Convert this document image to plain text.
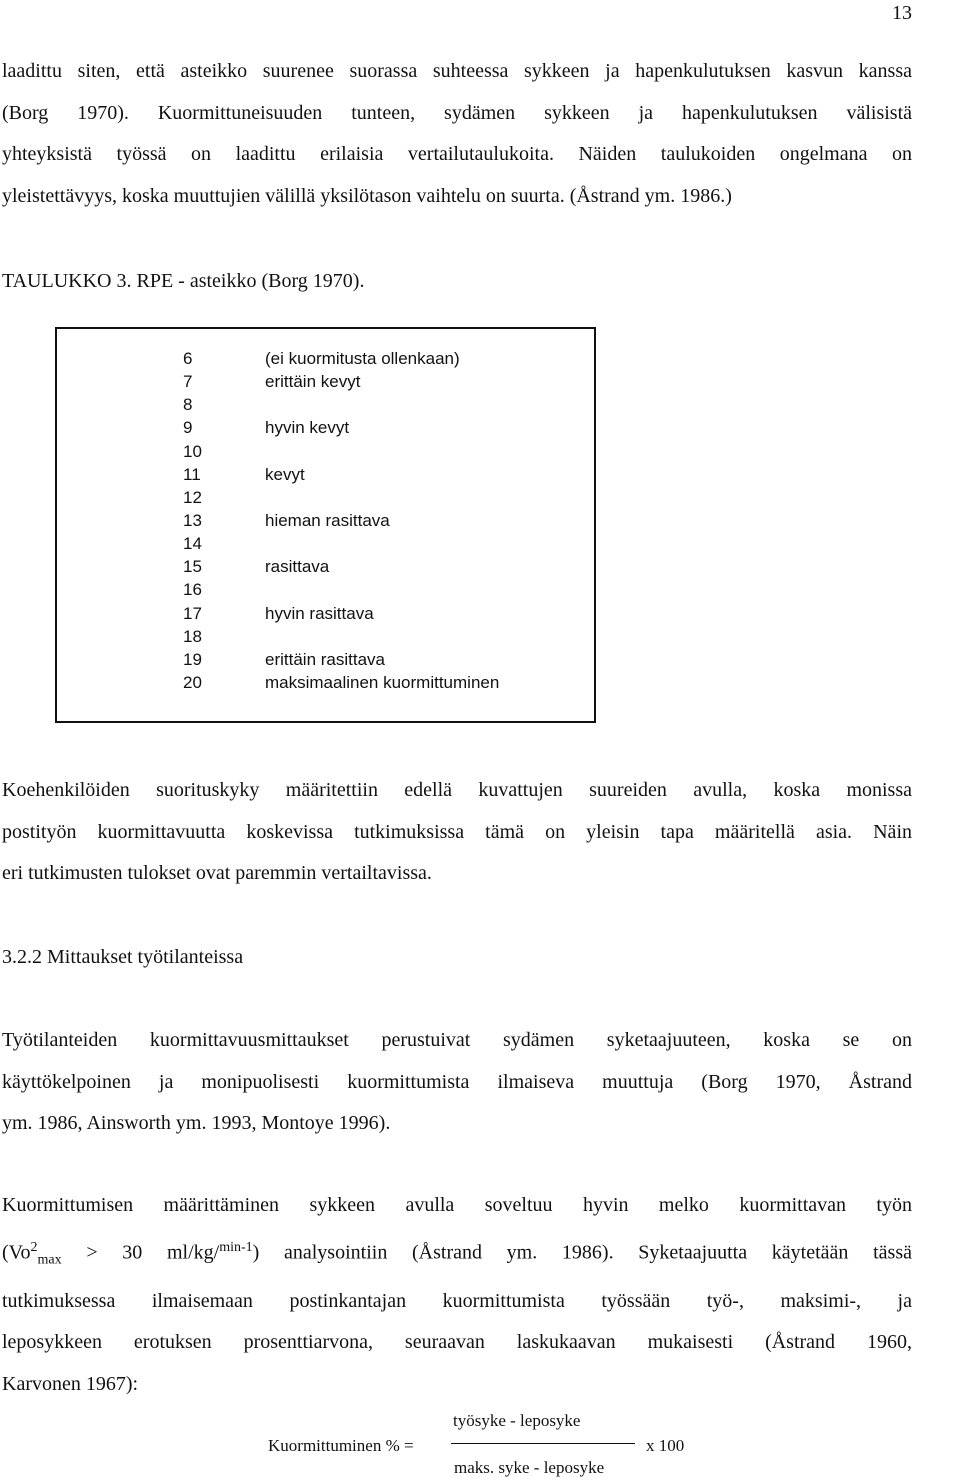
13
laadittu siten, että asteikko suurenee suorassa suhteessa sykkeen ja hapenkulutuksen kasvun kanssa
(Borg 1970). Kuormittuneisuuden tunteen, sydämen sykkeen ja hapenkulutuksen välisistä
yhteyksistä työssä on laadittu erilaisia vertailutaulukoita. Näiden taulukoiden ongelmana on
yleistettävyys, koska muuttujien välillä yksilötason vaihtelu on suurta. (Åstrand ym. 1986.)
TAULUKKO 3. RPE - asteikko (Borg 1970).
6	(ei kuormitusta ollenkaan)
7	erittäin kevyt
8
9	hyvin kevyt
10
11	kevyt
12
13	hieman rasittava
14
15	rasittava
16
17	hyvin rasittava
18
19	erittäin rasittava
20	maksimaalinen kuormittuminen
Koehenkilöiden suorituskyky määritettiin edellä kuvattujen suureiden avulla, koska monissa
postityön kuormittavuutta koskevissa tutkimuksissa tämä on yleisin tapa määritellä asia. Näin
eri tutkimusten tulokset ovat paremmin vertailtavissa.
3.2.2 Mittaukset työtilanteissa
Työtilanteiden kuormittavuusmittaukset perustuivat sydämen syketaajuuteen, koska se on
käyttökelpoinen ja monipuolisesti kuormittumista ilmaiseva muuttuja (Borg 1970, Åstrand
ym. 1986, Ainsworth ym. 1993, Montoye 1996).
Kuormittumisen määrittäminen sykkeen avulla soveltuu hyvin melko kuormittavan työn
($Vo^2_{max} > 30$ ml/kg/$^{min-1}$) analysointiin (Åstrand ym. 1986). Syketaajuutta käytetään tässä
tutkimuksessa ilmaisemaan postinkantajan kuormittumista työssään työ-, maksimi-, ja
leposykkeen erotuksen prosenttiarvona, seuraavan laskukaavan mukaisesti (Åstrand 1960,
Karvonen 1967):
Kuormittuminen % =
työsyke - leposyke
maks. syke - leposyke
x 100
